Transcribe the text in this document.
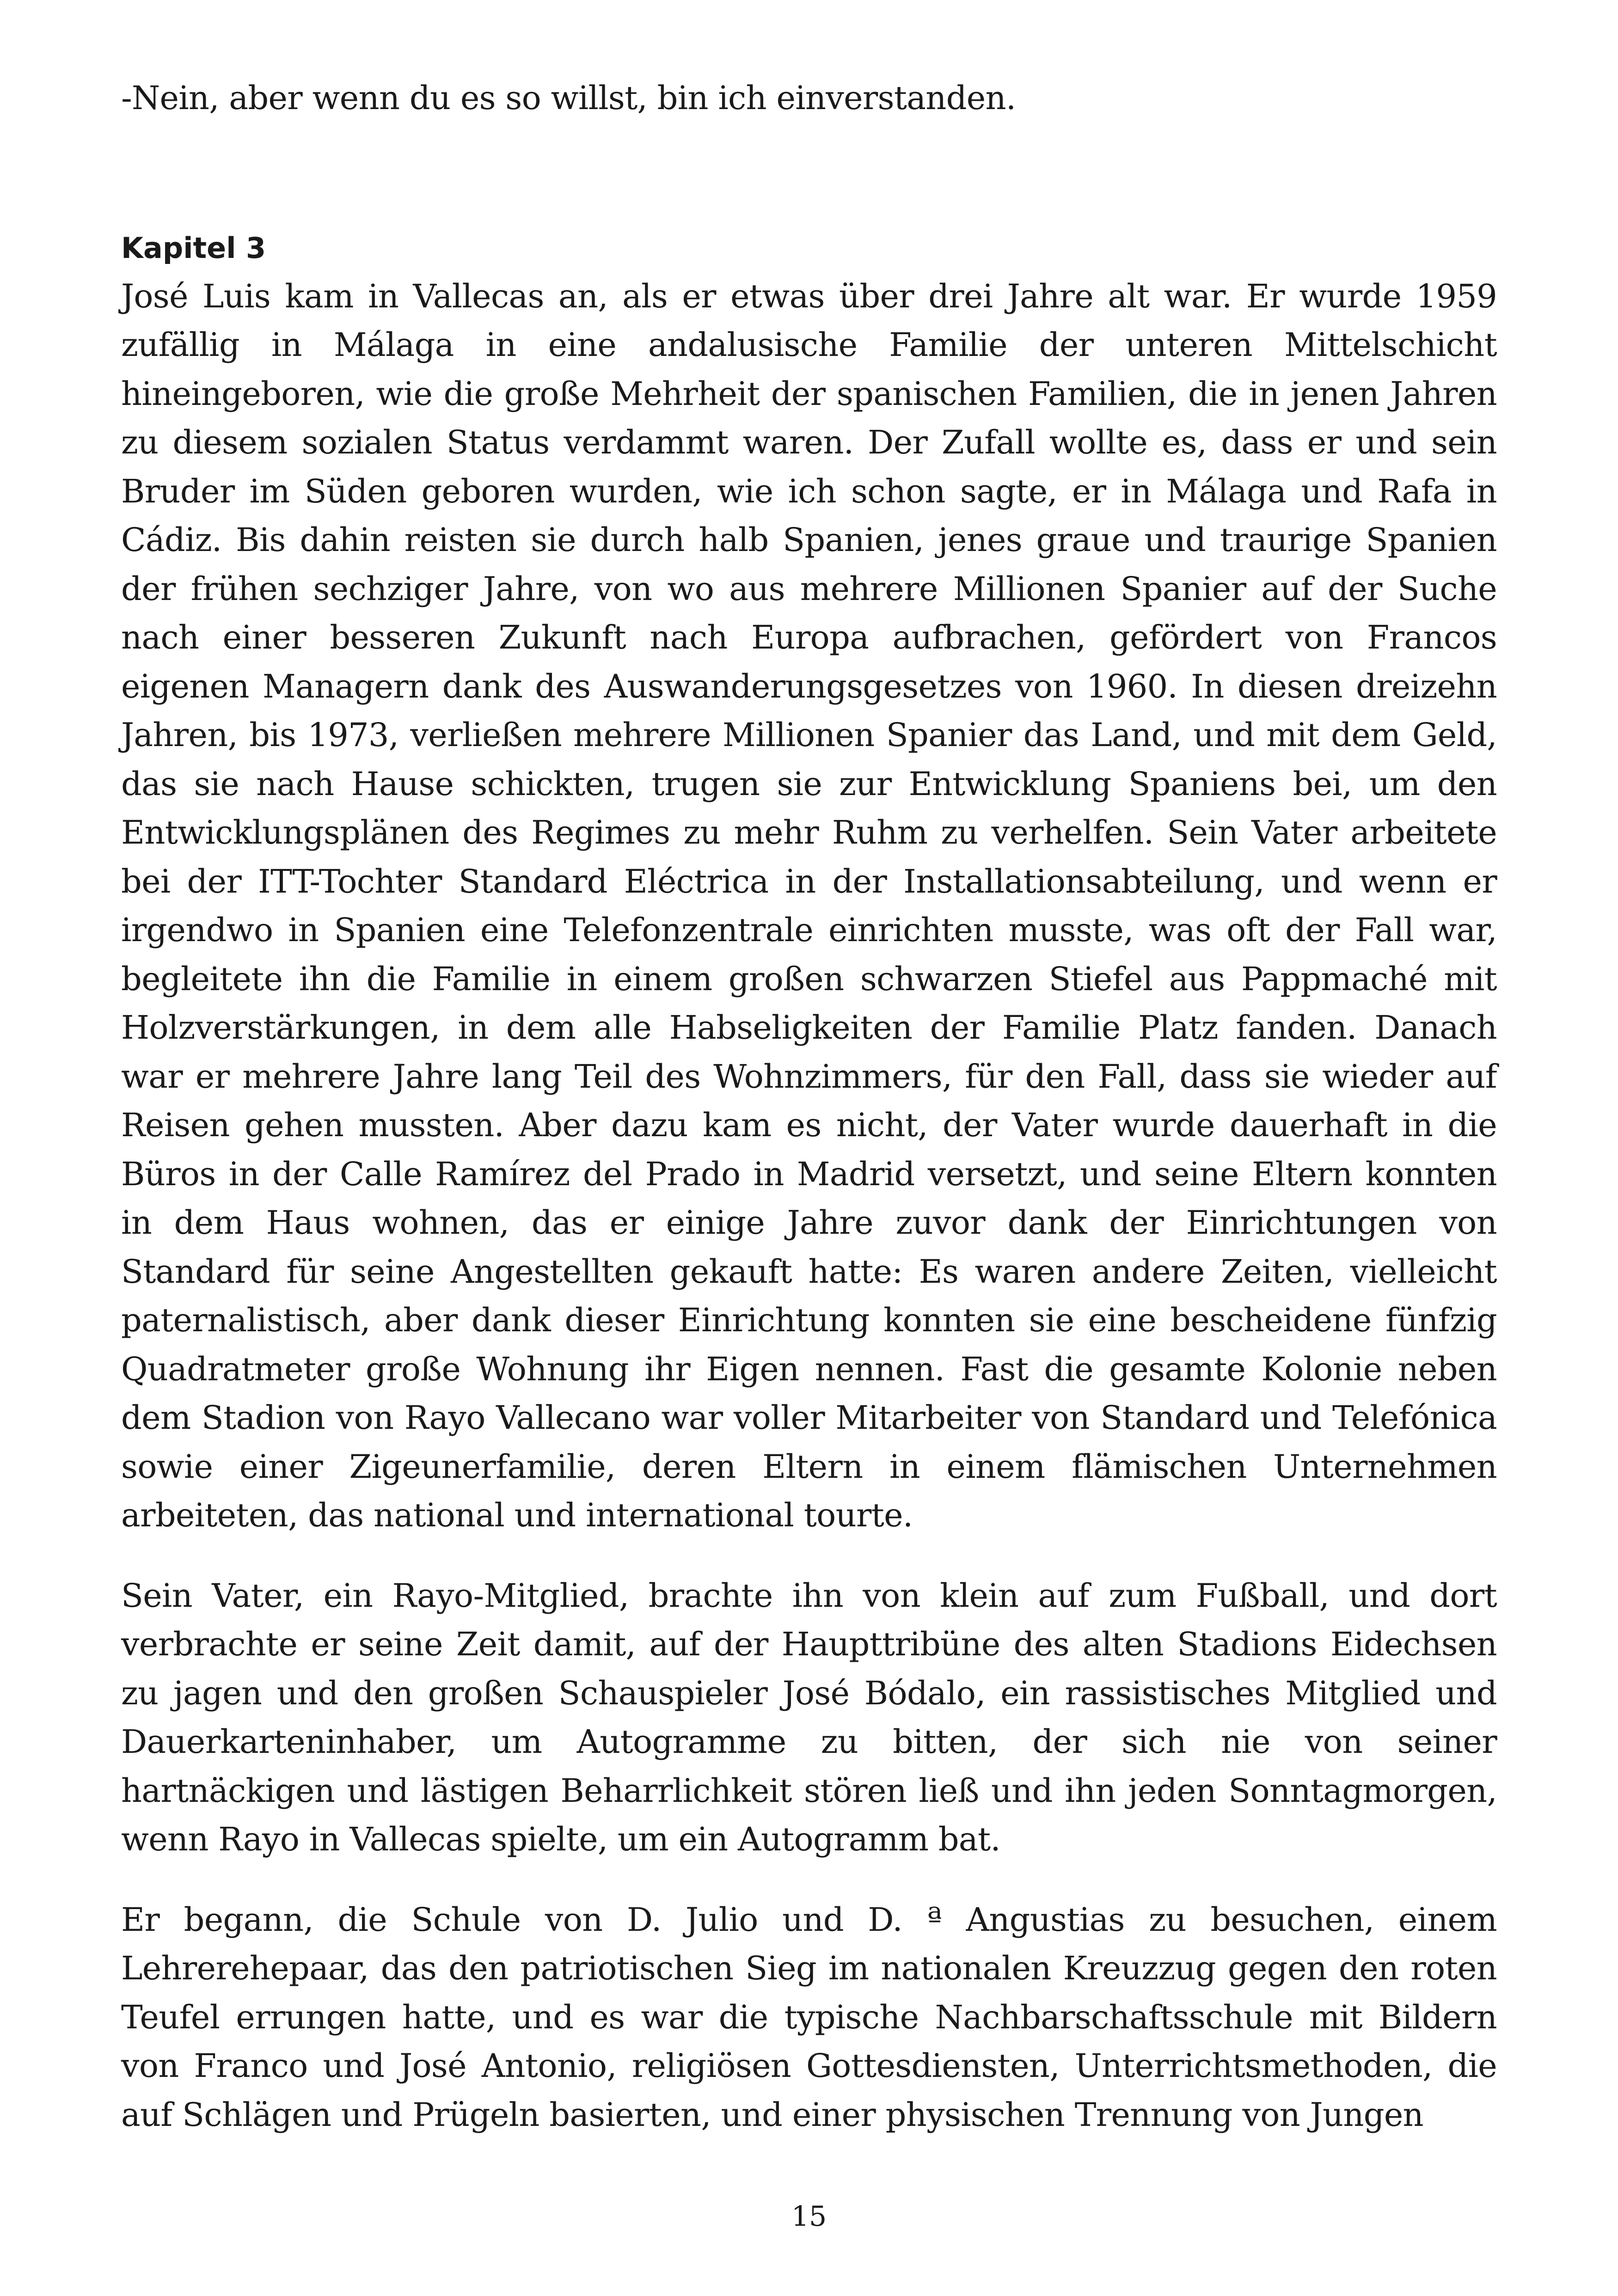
-Nein, aber wenn du es so willst, bin ich einverstanden.

Kapitel 3

José Luis kam in Vallecas an, als er etwas über drei Jahre alt war. Er wurde 1959 zufällig in Málaga in eine andalusische Familie der unteren Mittelschicht hineingeboren, wie die große Mehrheit der spanischen Familien, die in jenen Jahren zu diesem sozialen Status verdammt waren. Der Zufall wollte es, dass er und sein Bruder im Süden geboren wurden, wie ich schon sagte, er in Málaga und Rafa in Cádiz. Bis dahin reisten sie durch halb Spanien, jenes graue und traurige Spanien der frühen sechziger Jahre, von wo aus mehrere Millionen Spanier auf der Suche nach einer besseren Zukunft nach Europa aufbrachen, gefördert von Francos eigenen Managern dank des Auswanderungsgesetzes von 1960. In diesen dreizehn Jahren, bis 1973, verließen mehrere Millionen Spanier das Land, und mit dem Geld, das sie nach Hause schickten, trugen sie zur Entwicklung Spaniens bei, um den Entwicklungsplänen des Regimes zu mehr Ruhm zu verhelfen. Sein Vater arbeitete bei der ITT-Tochter Standard Eléctrica in der Installationsabteilung, und wenn er irgendwo in Spanien eine Telefonzentrale einrichten musste, was oft der Fall war, begleitete ihn die Familie in einem großen schwarzen Stiefel aus Pappmaché mit Holzverstärkungen, in dem alle Habseligkeiten der Familie Platz fanden. Danach war er mehrere Jahre lang Teil des Wohnzimmers, für den Fall, dass sie wieder auf Reisen gehen mussten. Aber dazu kam es nicht, der Vater wurde dauerhaft in die Büros in der Calle Ramírez del Prado in Madrid versetzt, und seine Eltern konnten in dem Haus wohnen, das er einige Jahre zuvor dank der Einrichtungen von Standard für seine Angestellten gekauft hatte: Es waren andere Zeiten, vielleicht paternalistisch, aber dank dieser Einrichtung konnten sie eine bescheidene fünfzig Quadratmeter große Wohnung ihr Eigen nennen. Fast die gesamte Kolonie neben dem Stadion von Rayo Vallecano war voller Mitarbeiter von Standard und Telefónica sowie einer Zigeunerfamilie, deren Eltern in einem flämischen Unternehmen arbeiteten, das national und international tourte.

Sein Vater, ein Rayo-Mitglied, brachte ihn von klein auf zum Fußball, und dort verbrachte er seine Zeit damit, auf der Haupttribüne des alten Stadions Eidechsen zu jagen und den großen Schauspieler José Bódalo, ein rassistisches Mitglied und Dauerkarteninhaber, um Autogramme zu bitten, der sich nie von seiner hartnäckigen und lästigen Beharrlichkeit stören ließ und ihn jeden Sonntagmorgen, wenn Rayo in Vallecas spielte, um ein Autogramm bat.

Er begann, die Schule von D. Julio und D. ª Angustias zu besuchen, einem Lehrerehepaar, das den patriotischen Sieg im nationalen Kreuzzug gegen den roten Teufel errungen hatte, und es war die typische Nachbarschaftsschule mit Bildern von Franco und José Antonio, religiösen Gottesdiensten, Unterrichtsmethoden, die auf Schlägen und Prügeln basierten, und einer physischen Trennung von Jungen

15
